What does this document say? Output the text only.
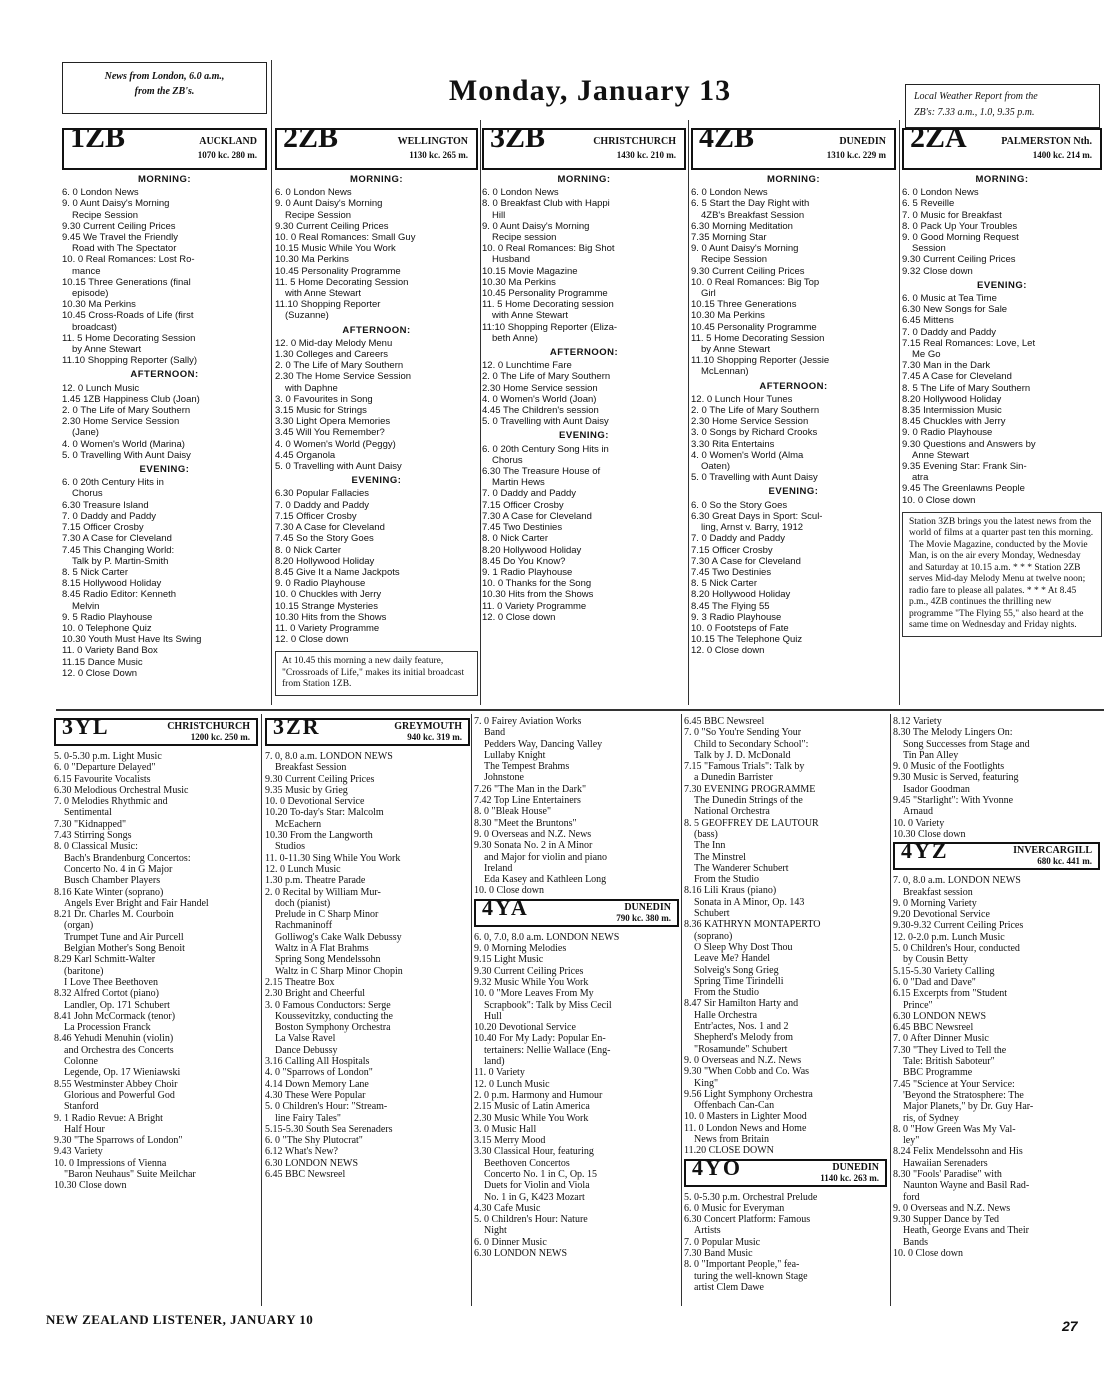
News from London, 6.0 a.m.,
from the ZB's.	Monday, January 13	Local Weather Report from the
ZB's: 7.33 a.m., 1.0, 9.35 p.m.
1ZB	AUCKLAND
1070 kc. 280 m.
MORNING:
6. 0 London News
9. 0 Aunt Daisy's Morning
Recipe Session
9.30 Current Ceiling Prices
9.45 We Travel the Friendly
Road with The Spectator
10. 0 Real Romances: Lost Ro-
mance
10.15 Three Generations (final
episode)
10.30 Ma Perkins
10.45 Cross-Roads of Life (first
broadcast)
11. 5 Home Decorating Session
by Anne Stewart
11.10 Shopping Reporter (Sally)
AFTERNOON:
12. 0 Lunch Music
1.45 1ZB Happiness Club (Joan)
2. 0 The Life of Mary Southern
2.30 Home Service Session
(Jane)
4. 0 Women's World (Marina)
5. 0 Travelling With Aunt Daisy
EVENING:
6. 0 20th Century Hits in
Chorus
6.30 Treasure Island
7. 0 Daddy and Paddy
7.15 Officer Crosby
7.30 A Case for Cleveland
7.45 This Changing World:
Talk by P. Martin-Smith
8. 5 Nick Carter
8.15 Hollywood Holiday
8.45 Radio Editor: Kenneth
Melvin
9. 5 Radio Playhouse
10. 0 Telephone Quiz
10.30 Youth Must Have Its Swing
11. 0 Variety Band Box
11.15 Dance Music
12. 0 Close Down
2ZB	WELLINGTON
1130 kc. 265 m.
MORNING:
6. 0 London News
9. 0 Aunt Daisy's Morning
Recipe Session
9.30 Current Ceiling Prices
10. 0 Real Romances: Small Guy
10.15 Music While You Work
10.30 Ma Perkins
10.45 Personality Programme
11. 5 Home Decorating Session
with Anne Stewart
11.10 Shopping Reporter
(Suzanne)
AFTERNOON:
12. 0 Mid-day Melody Menu
1.30 Colleges and Careers
2. 0 The Life of Mary Southern
2.30 The Home Service Session
with Daphne
3. 0 Favourites in Song
3.15 Music for Strings
3.30 Light Opera Memories
3.45 Will You Remember?
4. 0 Women's World (Peggy)
4.45 Organola
5. 0 Travelling with Aunt Daisy
EVENING:
6.30 Popular Fallacies
7. 0 Daddy and Paddy
7.15 Officer Crosby
7.30 A Case for Cleveland
7.45 So the Story Goes
8. 0 Nick Carter
8.20 Hollywood Holiday
8.45 Give It a Name Jackpots
9. 0 Radio Playhouse
10. 0 Chuckles with Jerry
10.15 Strange Mysteries
10.30 Hits from the Shows
11. 0 Variety Programme
12. 0 Close down
At 10.45 this morning a new daily feature, "Crossroads of Life," makes its initial broadcast from Station 1ZB.
3ZB	CHRISTCHURCH
1430 kc. 210 m.
MORNING:
6. 0 London News
8. 0 Breakfast Club with Happi
Hill
9. 0 Aunt Daisy's Morning
Recipe session
10. 0 Real Romances: Big Shot
Husband
10.15 Movie Magazine
10.30 Ma Perkins
10.45 Personality Programme
11. 5 Home Decorating session
with Anne Stewart
11:10 Shopping Reporter (Eliza-
beth Anne)
AFTERNOON:
12. 0 Lunchtime Fare
2. 0 The Life of Mary Southern
2.30 Home Service session
4. 0 Women's World (Joan)
4.45 The Children's session
5. 0 Travelling with Aunt Daisy
EVENING:
6. 0 20th Century Song Hits in
Chorus
6.30 The Treasure House of
Martin Hews
7. 0 Daddy and Paddy
7.15 Officer Crosby
7.30 A Case for Cleveland
7.45 Two Destinies
8. 0 Nick Carter
8.20 Hollywood Holiday
8.45 Do You Know?
9. 1 Radio Playhouse
10. 0 Thanks for the Song
10.30 Hits from the Shows
11. 0 Variety Programme
12. 0 Close down
4ZB	DUNEDIN
1310 k.c. 229 m
MORNING:
6. 0 London News
6. 5 Start the Day Right with
4ZB's Breakfast Session
6.30 Morning Meditation
7.35 Morning Star
9. 0 Aunt Daisy's Morning
Recipe Session
9.30 Current Ceiling Prices
10. 0 Real Romances: Big Top
Girl
10.15 Three Generations
10.30 Ma Perkins
10.45 Personality Programme
11. 5 Home Decorating Session
by Anne Stewart
11.10 Shopping Reporter (Jessie
McLennan)
AFTERNOON:
12. 0 Lunch Hour Tunes
2. 0 The Life of Mary Southern
2.30 Home Service Session
3. 0 Songs by Richard Crooks
3.30 Rita Entertains
4. 0 Women's World (Alma
Oaten)
5. 0 Travelling with Aunt Daisy
EVENING:
6. 0 So the Story Goes
6.30 Great Days in Sport: Scul-
ling, Arnst v. Barry, 1912
7. 0 Daddy and Paddy
7.15 Officer Crosby
7.30 A Case for Cleveland
7.45 Two Destinies
8. 5 Nick Carter
8.20 Hollywood Holiday
8.45 The Flying 55
9. 3 Radio Playhouse
10. 0 Footsteps of Fate
10.15 The Telephone Quiz
12. 0 Close down
2ZA	PALMERSTON Nth.
1400 kc. 214 m.
MORNING:
6. 0 London News
6. 5 Reveille
7. 0 Music for Breakfast
8. 0 Pack Up Your Troubles
9. 0 Good Morning Request
Session
9.30 Current Ceiling Prices
9.32 Close down
EVENING:
6. 0 Music at Tea Time
6.30 New Songs for Sale
6.45 Mittens
7. 0 Daddy and Paddy
7.15 Real Romances: Love, Let
Me Go
7.30 Man in the Dark
7.45 A Case for Cleveland
8. 5 The Life of Mary Southern
8.20 Hollywood Holiday
8.35 Intermission Music
8.45 Chuckles with Jerry
9. 0 Radio Playhouse
9.30 Questions and Answers by
Anne Stewart
9.35 Evening Star: Frank Sin-
atra
9.45 The Greenlawns People
10. 0 Close down
Station 3ZB brings you the latest news from the world of films at a quarter past ten this morning. The Movie Magazine, conducted by the Movie Man, is on the air every Monday, Wednesday and Saturday at 10.15 a.m. * * * Station 2ZB serves Mid-day Melody Menu at twelve noon; radio fare to please all palates. * * * At 8.45 p.m., 4ZB continues the thrilling new programme "The Flying 55," also heard at the same time on Wednesday and Friday nights.
3YL	CHRISTCHURCH
1200 kc. 250 m.
5. 0-5.30 p.m. Light Music
6. 0 "Departure Delayed"
6.15 Favourite Vocalists
6.30 Melodious Orchestral Music
7. 0 Melodies Rhythmic and
Sentimental
7.30 "Kidnapped"
7.43 Stirring Songs
8. 0 Classical Music:
Bach's Brandenburg Concertos:
Concerto No. 4 in G Major
Busch Chamber Players
8.16 Kate Winter (soprano)
Angels Ever Bright and Fair Handel
8.21 Dr. Charles M. Courboin
(organ)
Trumpet Tune and Air Purcell
Belgian Mother's Song Benoit
8.29 Karl Schmitt-Walter
(baritone)
I Love Thee Beethoven
8.32 Alfred Cortot (piano)
Landler, Op. 171 Schubert
8.41 John McCormack (tenor)
La Procession Franck
8.46 Yehudi Menuhin (violin)
and Orchestra des Concerts
Colonne
Legende, Op. 17 Wieniawski
8.55 Westminster Abbey Choir
Glorious and Powerful God
Stanford
9. 1 Radio Revue: A Bright
Half Hour
9.30 "The Sparrows of London"
9.43 Variety
10. 0 Impressions of Vienna
"Baron Neuhaus" Suite Meilchar
10.30 Close down
3ZR	GREYMOUTH
940 kc. 319 m.
7. 0, 8.0 a.m. LONDON NEWS
Breakfast Session
9.30 Current Ceiling Prices
9.35 Music by Grieg
10. 0 Devotional Service
10.20 To-day's Star: Malcolm
McEachern
10.30 From the Langworth
Studios
11. 0-11.30 Sing While You Work
12. 0 Lunch Music
1.30 p.m. Theatre Parade
2. 0 Recital by William Mur-
doch (pianist)
Prelude in C Sharp Minor
Rachmaninoff
Golliwog's Cake Walk Debussy
Waltz in A Flat Brahms
Spring Song Mendelssohn
Waltz in C Sharp Minor Chopin
2.15 Theatre Box
2.30 Bright and Cheerful
3. 0 Famous Conductors: Serge
Koussevitzky, conducting the
Boston Symphony Orchestra
La Valse Ravel
Dance Debussy
3.16 Calling All Hospitals
4. 0 "Sparrows of London"
4.14 Down Memory Lane
4.30 These Were Popular
5. 0 Children's Hour: "Stream-
line Fairy Tales"
5.15-5.30 South Sea Serenaders
6. 0 "The Shy Plutocrat"
6.12 What's New?
6.30 LONDON NEWS
6.45 BBC Newsreel
7. 0 Fairey Aviation Works
Band
Pedders Way, Dancing Valley
Lullaby Knight
The Tempest Brahms
Johnstone
7.26 "The Man in the Dark"
7.42 Top Line Entertainers
8. 0 "Bleak House"
8.30 "Meet the Bruntons"
9. 0 Overseas and N.Z. News
9.30 Sonata No. 2 in A Minor
and Major for violin and piano
Ireland
Eda Kasey and Kathleen Long
10. 0 Close down
4YA	DUNEDIN
790 kc. 380 m.
6. 0, 7.0, 8.0 a.m. LONDON NEWS
9. 0 Morning Melodies
9.15 Light Music
9.30 Current Ceiling Prices
9.32 Music While You Work
10. 0 "More Leaves From My
Scrapbook": Talk by Miss Cecil
Hull
10.20 Devotional Service
10.40 For My Lady: Popular En-
tertainers: Nellie Wallace (Eng-
land)
11. 0 Variety
12. 0 Lunch Music
2. 0 p.m. Harmony and Humour
2.15 Music of Latin America
2.30 Music While You Work
3. 0 Music Hall
3.15 Merry Mood
3.30 Classical Hour, featuring
Beethoven Concertos
Concerto No. 1 in C, Op. 15
Duets for Violin and Viola
No. 1 in G, K423 Mozart
4.30 Cafe Music
5. 0 Children's Hour: Nature
Night
6. 0 Dinner Music
6.30 LONDON NEWS
6.45 BBC Newsreel
7. 0 "So You're Sending Your
Child to Secondary School":
Talk by J. D. McDonald
7.15 "Famous Trials": Talk by
a Dunedin Barrister
7.30 EVENING PROGRAMME
The Dunedin Strings of the
National Orchestra
8. 5 GEOFFREY DE LAUTOUR
(bass)
The Inn
The Minstrel
The Wanderer Schubert
From the Studio
8.16 Lili Kraus (piano)
Sonata in A Minor, Op. 143
Schubert
8.36 KATHRYN MONTAPERTO
(soprano)
O Sleep Why Dost Thou
Leave Me? Handel
Solveig's Song Grieg
Spring Time Tirindelli
From the Studio
8.47 Sir Hamilton Harty and
Halle Orchestra
Entr'actes, Nos. 1 and 2
Shepherd's Melody from
"Rosamunde" Schubert
9. 0 Overseas and N.Z. News
9.30 "When Cobb and Co. Was
King"
9.56 Light Symphony Orchestra
Offenbach Can-Can
10. 0 Masters in Lighter Mood
11. 0 London News and Home
News from Britain
11.20 CLOSE DOWN
4YO	DUNEDIN
1140 kc. 263 m.
5. 0-5.30 p.m. Orchestral Prelude
6. 0 Music for Everyman
6.30 Concert Platform: Famous
Artists
7. 0 Popular Music
7.30 Band Music
8. 0 "Important People," fea-
turing the well-known Stage
artist Clem Dawe
8.12 Variety
8.30 The Melody Lingers On:
Song Successes from Stage and
Tin Pan Alley
9. 0 Music of the Footlights
9.30 Music is Served, featuring
Isador Goodman
9.45 "Starlight": With Yvonne
Arnaud
10. 0 Variety
10.30 Close down
4YZ	INVERCARGILL
680 kc. 441 m.
7. 0, 8.0 a.m. LONDON NEWS
Breakfast session
9. 0 Morning Variety
9.20 Devotional Service
9.30-9.32 Current Ceiling Prices
12. 0-2.0 p.m. Lunch Music
5. 0 Children's Hour, conducted
by Cousin Betty
5.15-5.30 Variety Calling
6. 0 "Dad and Dave"
6.15 Excerpts from "Student
Prince"
6.30 LONDON NEWS
6.45 BBC Newsreel
7. 0 After Dinner Music
7.30 "They Lived to Tell the
Tale: British Saboteur"
BBC Programme
7.45 "Science at Your Service:
'Beyond the Stratosphere: The
Major Planets," by Dr. Guy Har-
ris, of Sydney
8. 0 "How Green Was My Val-
ley"
8.24 Felix Mendelssohn and His
Hawaiian Serenaders
8.30 "Fools' Paradise" with
Naunton Wayne and Basil Rad-
ford
9. 0 Overseas and N.Z. News
9.30 Supper Dance by Ted
Heath, George Evans and Their
Bands
10. 0 Close down
NEW ZEALAND LISTENER, JANUARY 10	27
